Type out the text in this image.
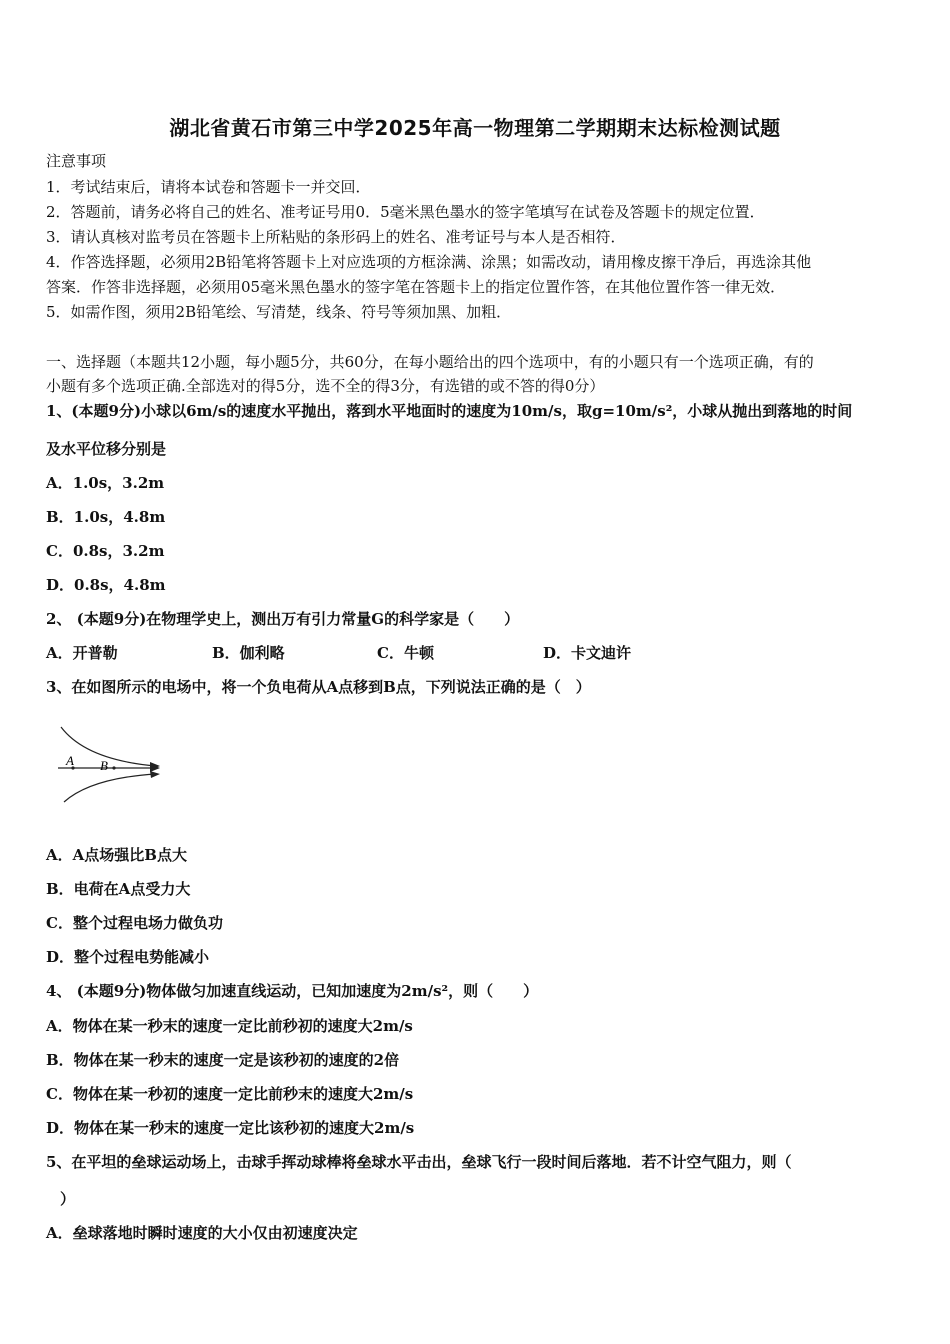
湖北省黄石市第三中学2025年高一物理第二学期期末达标检测试题
注意事项
1．考试结束后，请将本试卷和答题卡一并交回．
2．答题前，请务必将自己的姓名、准考证号用0．5毫米黑色墨水的签字笔填写在试卷及答题卡的规定位置．
3．请认真核对监考员在答题卡上所粘贴的条形码上的姓名、准考证号与本人是否相符．
4．作答选择题，必须用2B铅笔将答题卡上对应选项的方框涂满、涂黑；如需改动，请用橡皮擦干净后，再选涂其他
答案．作答非选择题，必须用05毫米黑色墨水的签字笔在答题卡上的指定位置作答，在其他位置作答一律无效．
5．如需作图，须用2B铅笔绘、写清楚，线条、符号等须加黑、加粗．
一、选择题（本题共12小题，每小题5分，共60分，在每小题给出的四个选项中，有的小题只有一个选项正确，有的
小题有多个选项正确.全部选对的得5分，选不全的得3分，有选错的或不答的得0分）
1、(本题9分)小球以6m/s的速度水平抛出，落到水平地面时的速度为10m/s，取g=10m/s²，小球从抛出到落地的时间
及水平位移分别是
A．1.0s，3.2m
B．1.0s，4.8m
C．0.8s，3.2m
D．0.8s，4.8m
2、 (本题9分)在物理学史上，测出万有引力常量G的科学家是（　　）
A．开普勒	B．伽利略	C．牛顿	D．卡文迪许
3、在如图所示的电场中，将一个负电荷从A点移到B点，下列说法正确的是（　）
A B
A．A点场强比B点大
B．电荷在A点受力大
C．整个过程电场力做负功
D．整个过程电势能减小
4、 (本题9分)物体做匀加速直线运动，已知加速度为2m/s²，则（　　）
A．物体在某一秒末的速度一定比前秒初的速度大2m/s
B．物体在某一秒末的速度一定是该秒初的速度的2倍
C．物体在某一秒初的速度一定比前秒末的速度大2m/s
D．物体在某一秒末的速度一定比该秒初的速度大2m/s
5、在平坦的垒球运动场上，击球手挥动球棒将垒球水平击出，垒球飞行一段时间后落地．若不计空气阻力，则（
）
A．垒球落地时瞬时速度的大小仅由初速度决定
